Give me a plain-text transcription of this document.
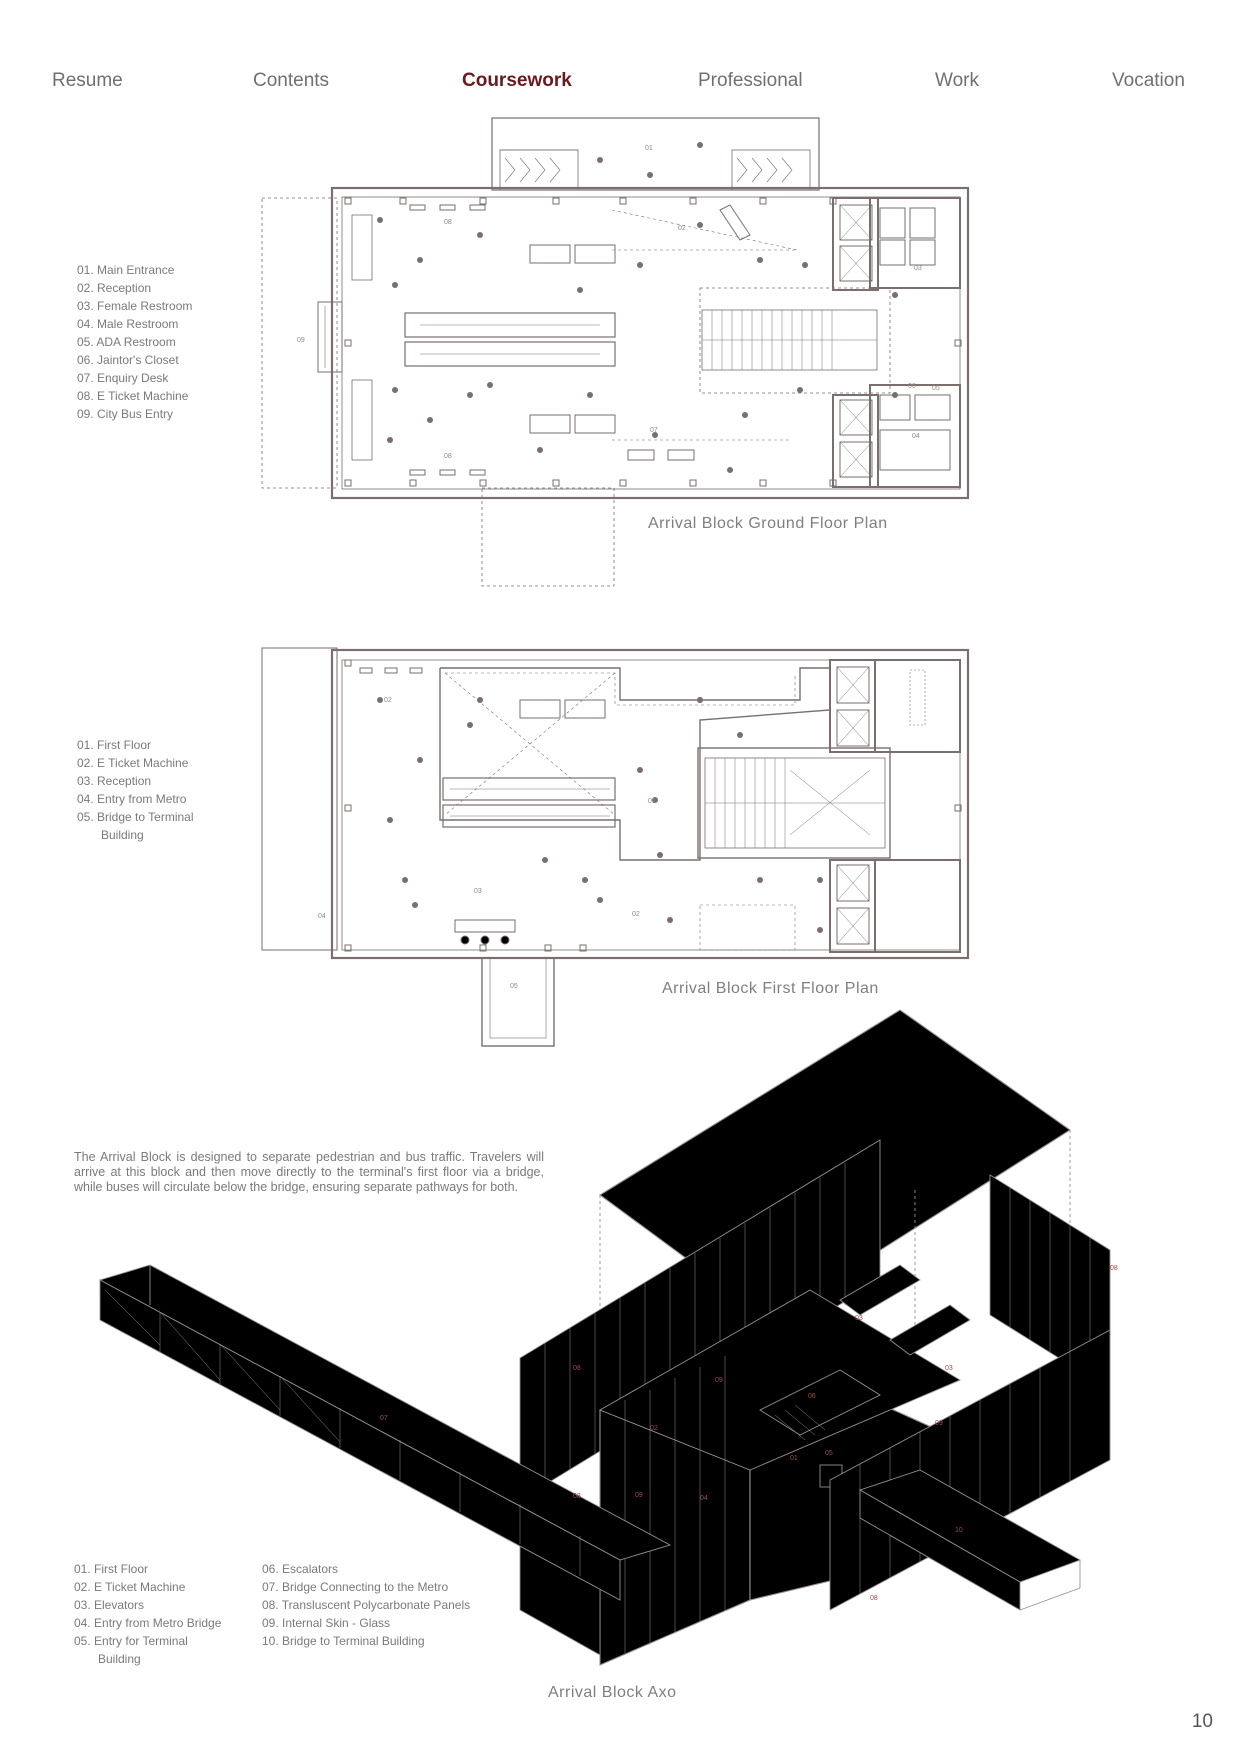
Resume	Contents	Coursework	Professional	Work	Vocation
01
02
03
04
05
06
07
08
08
09
01
02
02
03
04
05
01
02
03
03
04
05
06
07
08
08
08
08
09
09
09
10
01. Main Entrance
02. Reception
03. Female Restroom
04. Male Restroom
05. ADA Restroom
06. Jaintor's Closet
07. Enquiry Desk
08. E Ticket Machine
09. City Bus Entry
Arrival Block Ground Floor Plan
01. First Floor
02. E Ticket Machine
03. Reception
04. Entry from Metro
05. Bridge to Terminal
Building
Arrival Block First Floor Plan
The Arrival Block is designed to separate pedestrian and bus traffic. Travelers will arrive at this block and then move directly to the terminal's first floor via a bridge, while buses will circulate below the bridge, ensuring separate pathways for both.
01. First Floor
02. E Ticket Machine
03. Elevators
04. Entry from Metro Bridge
05. Entry for Terminal
Building
06. Escalators
07. Bridge Connecting to the Metro
08. Transluscent Polycarbonate Panels
09. Internal Skin - Glass
10. Bridge to Terminal Building
Arrival Block Axo
10
